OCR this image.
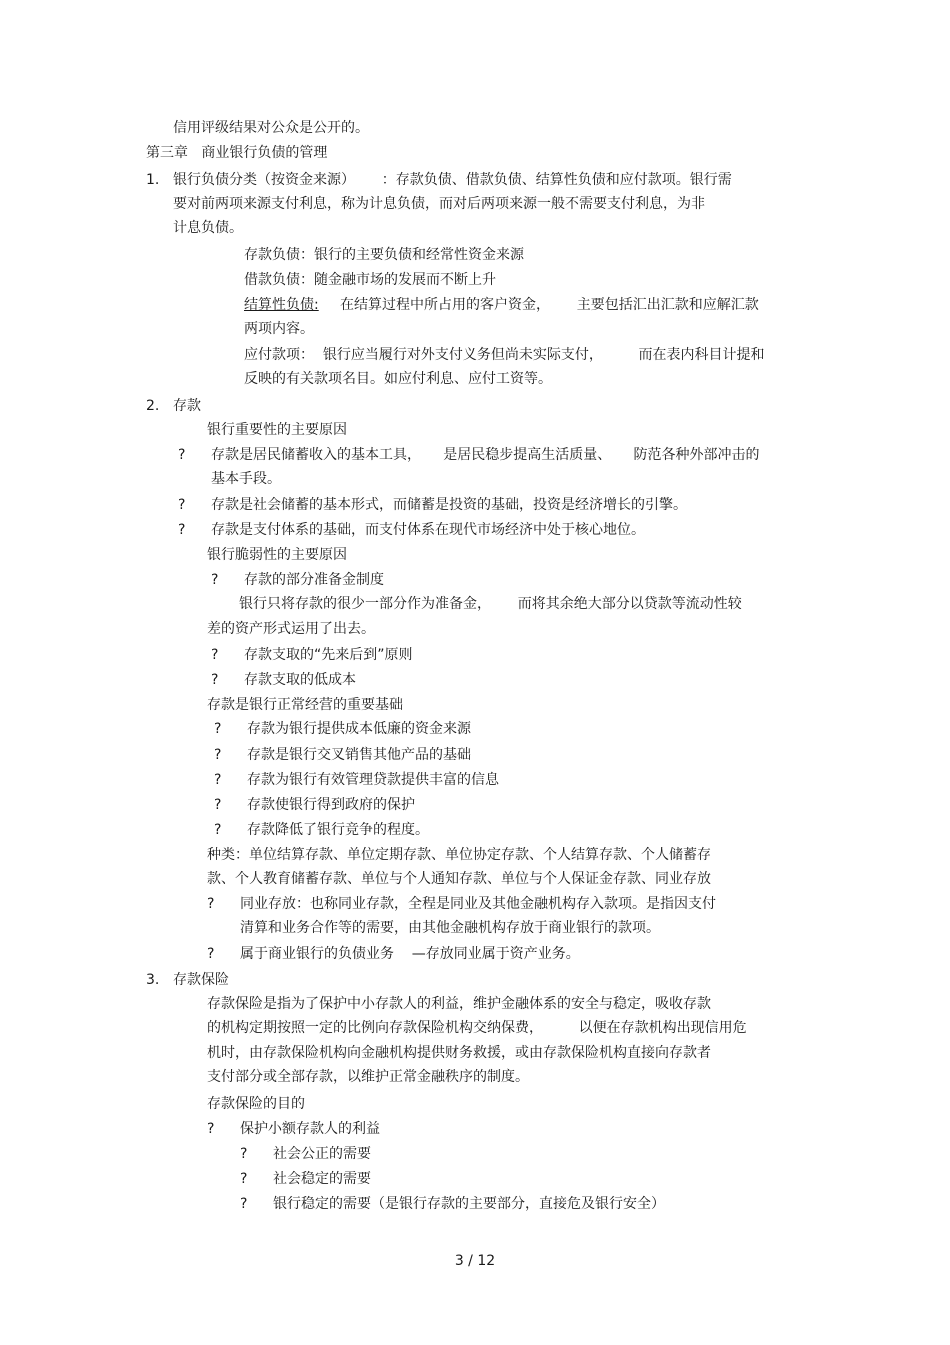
信用评级结果对公众是公开的。
第三章   商业银行负债的管理
1. 银行负债分类（按资金来源）      ：存款负债、借款负债、结算性负债和应付款项。银行需
要对前两项来源支付利息，称为计息负债，而对后两项来源一般不需要支付利息，为非
计息负债。
存款负债：银行的主要负债和经常性资金来源
借款负债：随金融市场的发展而不断上升
结算性负债: 在结算过程中所占用的客户资金，      主要包括汇出汇款和应解汇款
两项内容。
应付款项：  银行应当履行对外支付义务但尚未实际支付，        而在表内科目计提和
反映的有关款项名目。如应付利息、应付工资等。
2. 存款
银行重要性的主要原因
? 存款是居民储蓄收入的基本工具，     是居民稳步提高生活质量、     防范各种外部冲击的
基本手段。
? 存款是社会储蓄的基本形式，而储蓄是投资的基础，投资是经济增长的引擎。
? 存款是支付体系的基础，而支付体系在现代市场经济中处于核心地位。
银行脆弱性的主要原因
? 存款的部分准备金制度
银行只将存款的很少一部分作为准备金，      而将其余绝大部分以贷款等流动性较
差的资产形式运用了出去。
? 存款支取的“先来后到”原则
? 存款支取的低成本
存款是银行正常经营的重要基础
? 存款为银行提供成本低廉的资金来源
? 存款是银行交叉销售其他产品的基础
? 存款为银行有效管理贷款提供丰富的信息
? 存款使银行得到政府的保护
? 存款降低了银行竞争的程度。
种类：单位结算存款、单位定期存款、单位协定存款、个人结算存款、个人储蓄存
款、个人教育储蓄存款、单位与个人通知存款、单位与个人保证金存款、同业存放
? 同业存放：也称同业存款，全程是同业及其他金融机构存入款项。是指因支付
清算和业务合作等的需要，由其他金融机构存放于商业银行的款项。
? 属于商业银行的负债业务    —存放同业属于资产业务。
3. 存款保险
存款保险是指为了保护中小存款人的利益，维护金融体系的安全与稳定，吸收存款
的机构定期按照一定的比例向存款保险机构交纳保费，        以便在存款机构出现信用危
机时，由存款保险机构向金融机构提供财务救援，或由存款保险机构直接向存款者
支付部分或全部存款，以维护正常金融秩序的制度。
存款保险的目的
? 保护小额存款人的利益
? 社会公正的需要
? 社会稳定的需要
? 银行稳定的需要（是银行存款的主要部分，直接危及银行安全）
3 / 12
